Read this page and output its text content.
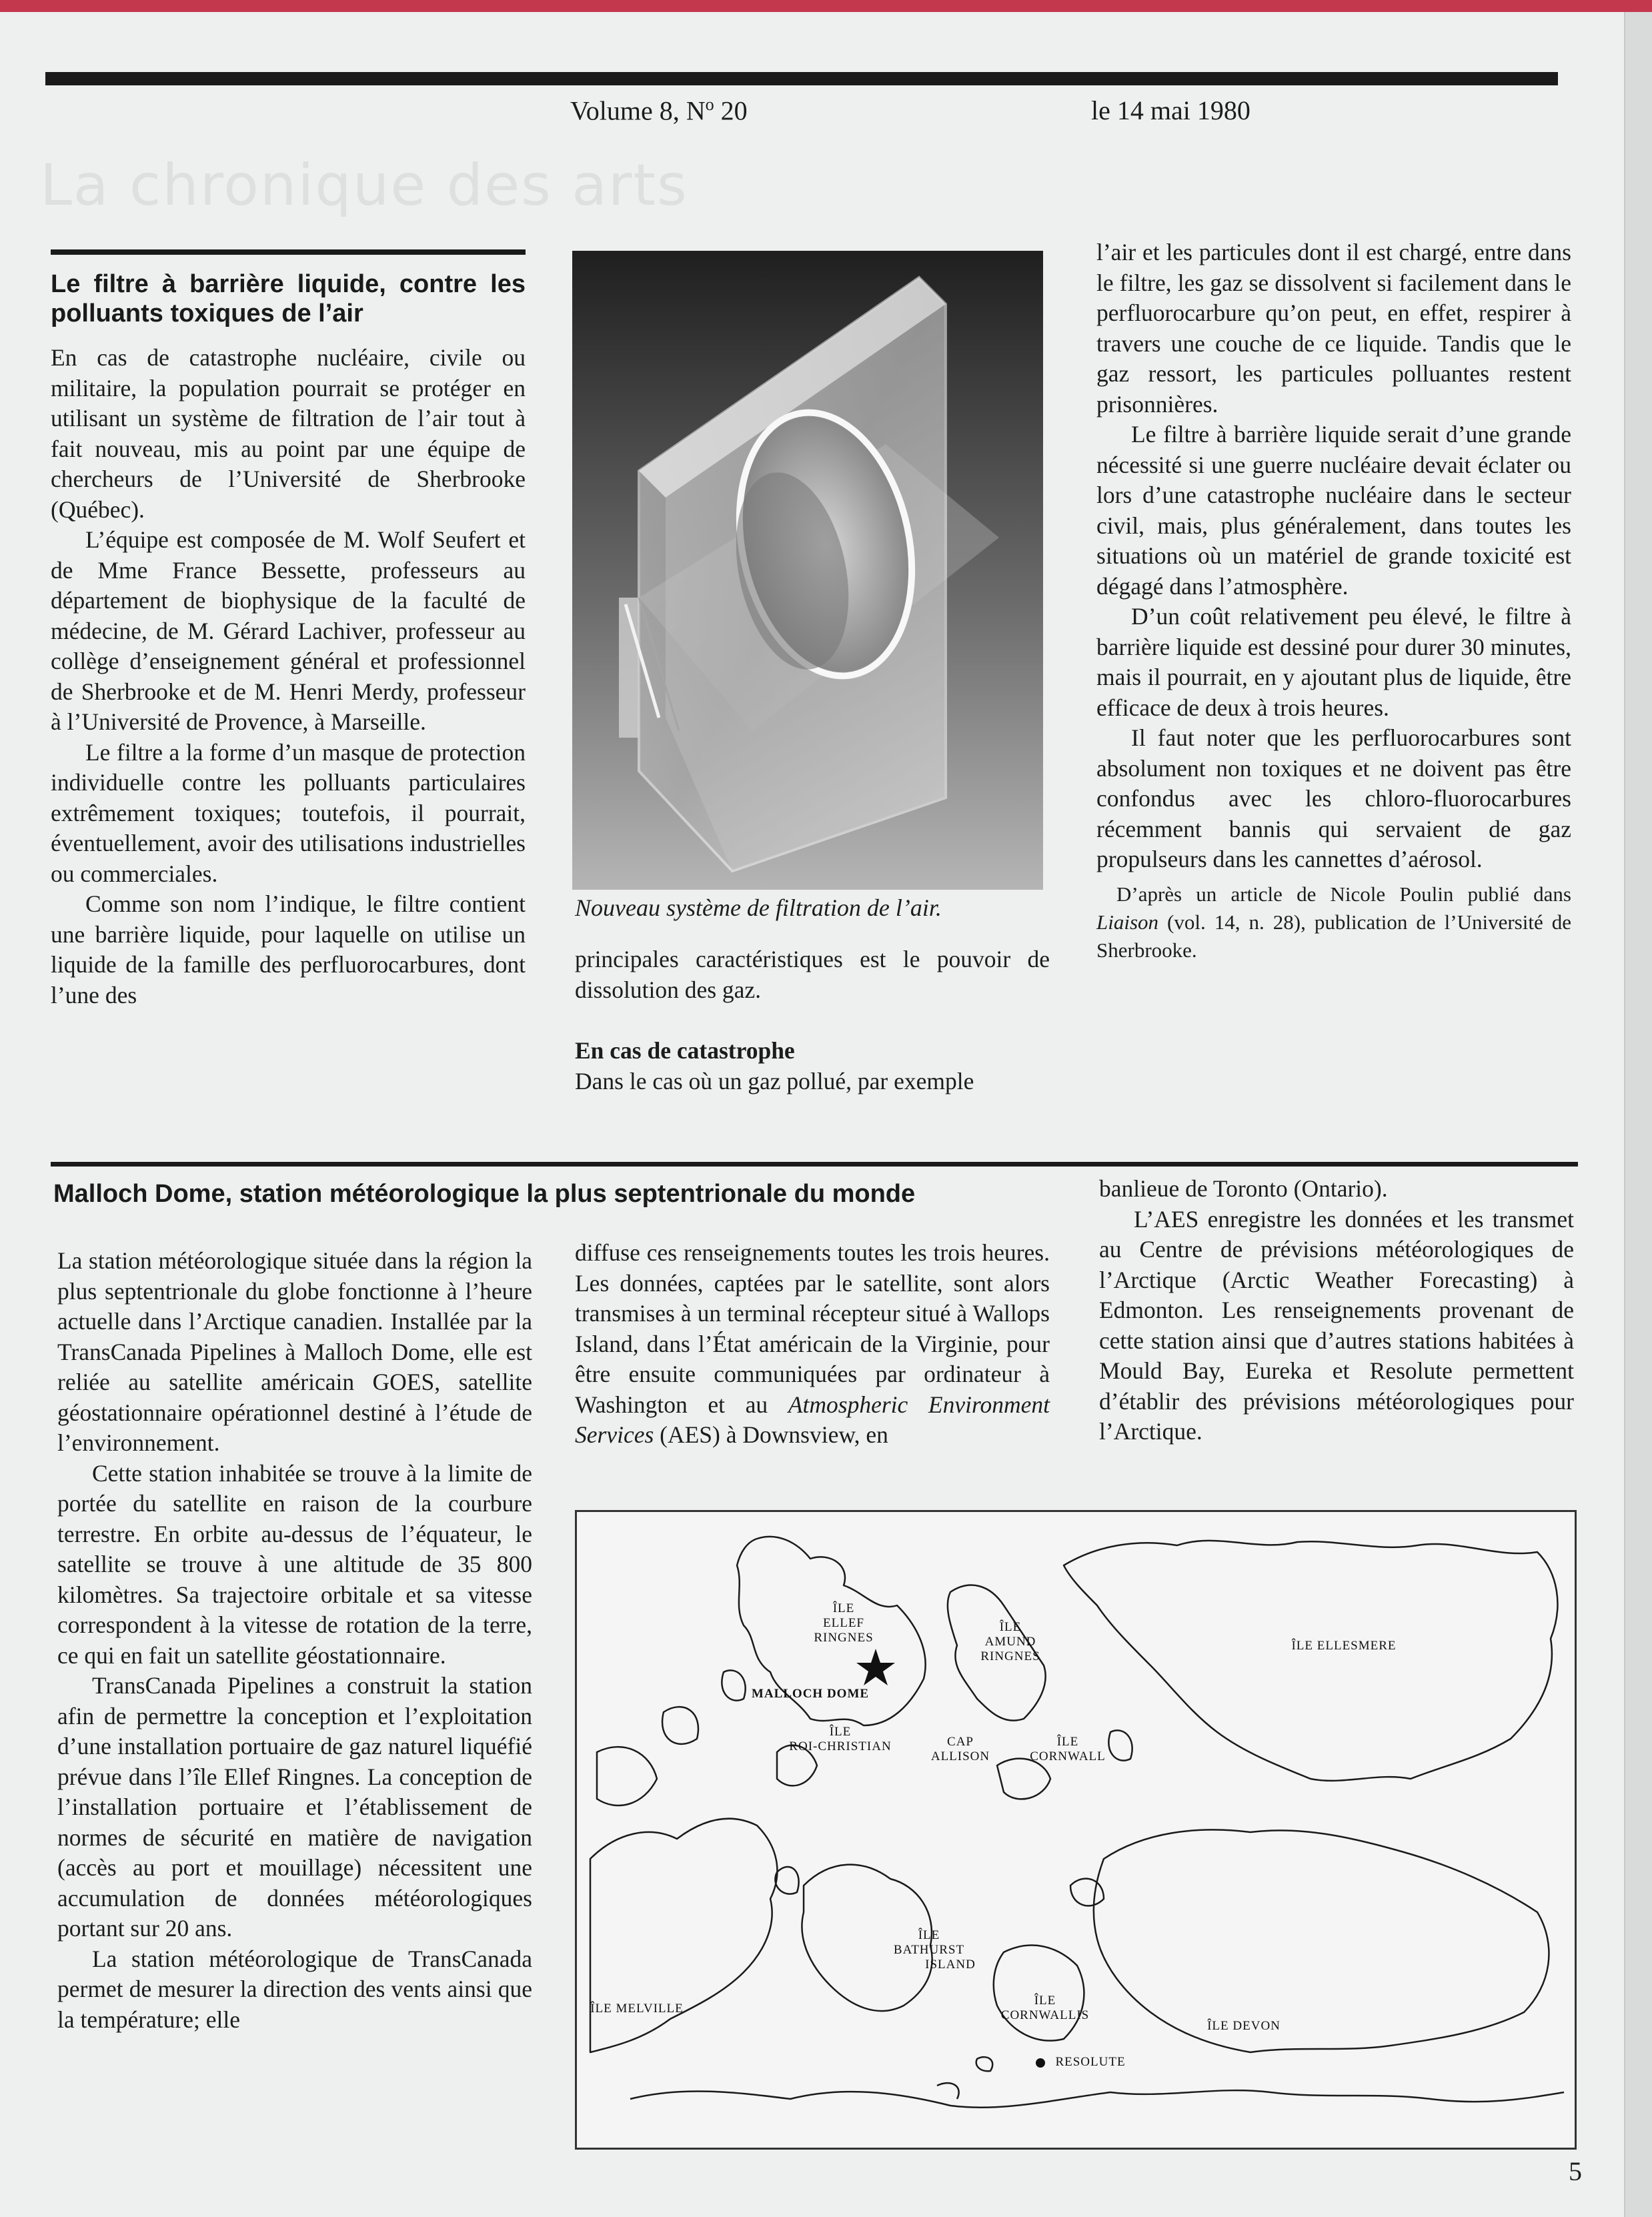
La chronique des arts
Volume 8, $N^o$ 20	le 14 mai 1980
Le filtre à barrière liquide, contre les polluants toxiques de l’air

En cas de catastrophe nucléaire, civile ou militaire, la population pourrait se protéger en utilisant un système de filtration de l’air tout à fait nouveau, mis au point par une équipe de chercheurs de l’Université de Sherbrooke (Québec).

L’équipe est composée de M. Wolf Seufert et de Mme France Bessette, professeurs au département de biophysique de la faculté de médecine, de M. Gérard Lachiver, professeur au collège d’enseignement général et professionnel de Sherbrooke et de M. Henri Merdy, professeur à l’Université de Provence, à Marseille.

Le filtre a la forme d’un masque de protection individuelle contre les polluants particulaires extrêmement toxiques; toutefois, il pourrait, éventuellement, avoir des utilisations industrielles ou commerciales.

Comme son nom l’indique, le filtre contient une barrière liquide, pour laquelle on utilise un liquide de la famille des perfluorocarbures, dont l’une des

Nouveau système de filtration de l’air.

principales caractéristiques est le pouvoir de dissolution des gaz.

En cas de catastrophe

Dans le cas où un gaz pollué, par exemple

l’air et les particules dont il est chargé, entre dans le filtre, les gaz se dissolvent si facilement dans le perfluorocarbure qu’on peut, en effet, respirer à travers une couche de ce liquide. Tandis que le gaz ressort, les particules polluantes restent prisonnières.

Le filtre à barrière liquide serait d’une grande nécessité si une guerre nucléaire devait éclater ou lors d’une catastrophe nucléaire dans le secteur civil, mais, plus généralement, dans toutes les situations où un matériel de grande toxicité est dégagé dans l’atmosphère.

D’un coût relativement peu élevé, le filtre à barrière liquide est dessiné pour durer 30 minutes, mais il pourrait, en y ajoutant plus de liquide, être efficace de deux à trois heures.

Il faut noter que les perfluorocarbures sont absolument non toxiques et ne doivent pas être confondus avec les chloro-fluorocarbures récemment bannis qui servaient de gaz propulseurs dans les cannettes d’aérosol.

D’après un article de Nicole Poulin publié dans Liaison (vol. 14, n. 28), publication de l’Université de Sherbrooke.

Malloch Dome, station météorologique la plus septentrionale du monde

La station météorologique située dans la région la plus septentrionale du globe fonctionne à l’heure actuelle dans l’Arctique canadien. Installée par la TransCanada Pipelines à Malloch Dome, elle est reliée au satellite américain GOES, satellite géostationnaire opérationnel destiné à l’étude de l’environnement.

Cette station inhabitée se trouve à la limite de portée du satellite en raison de la courbure terrestre. En orbite au-dessus de l’équateur, le satellite se trouve à une altitude de 35 800 kilomètres. Sa trajectoire orbitale et sa vitesse correspondent à la vitesse de rotation de la terre, ce qui en fait un satellite géostationnaire.

TransCanada Pipelines a construit la station afin de permettre la conception et l’exploitation d’une installation portuaire de gaz naturel liquéfié prévue dans l’île Ellef Ringnes. La conception de l’installation portuaire et l’établissement de normes de sécurité en matière de navigation (accès au port et mouillage) nécessitent une accumulation de données météorologiques portant sur 20 ans.

La station météorologique de TransCanada permet de mesurer la direction des vents ainsi que la température; elle

diffuse ces renseignements toutes les trois heures. Les données, captées par le satellite, sont alors transmises à un terminal récepteur situé à Wallops Island, dans l’État américain de la Virginie, pour être ensuite communiquées par ordinateur à Washington et au Atmospheric Environment Services (AES) à Downsview, en

banlieue de Toronto (Ontario).

L’AES enregistre les données et les transmet au Centre de prévisions météorologiques de l’Arctique (Arctic Weather Forecasting) à Edmonton. Les renseignements provenant de cette station ainsi que d’autres stations habitées à Mould Bay, Eureka et Resolute permettent d’établir des prévisions météorologiques pour l’Arctique.

ÎLE
ELLEF
RINGNES
ÎLE
AMUND
RINGNES
ÎLE ELLESMERE
MALLOCH DOME
ÎLE
ROI-CHRISTIAN	CAP
ALLISON
ÎLE
CORNWALL
ÎLE
BATHURST
ISLAND
ÎLE MELVILLE
ÎLE
CORNWALLIS
ÎLE DEVON
RESOLUTE
5
